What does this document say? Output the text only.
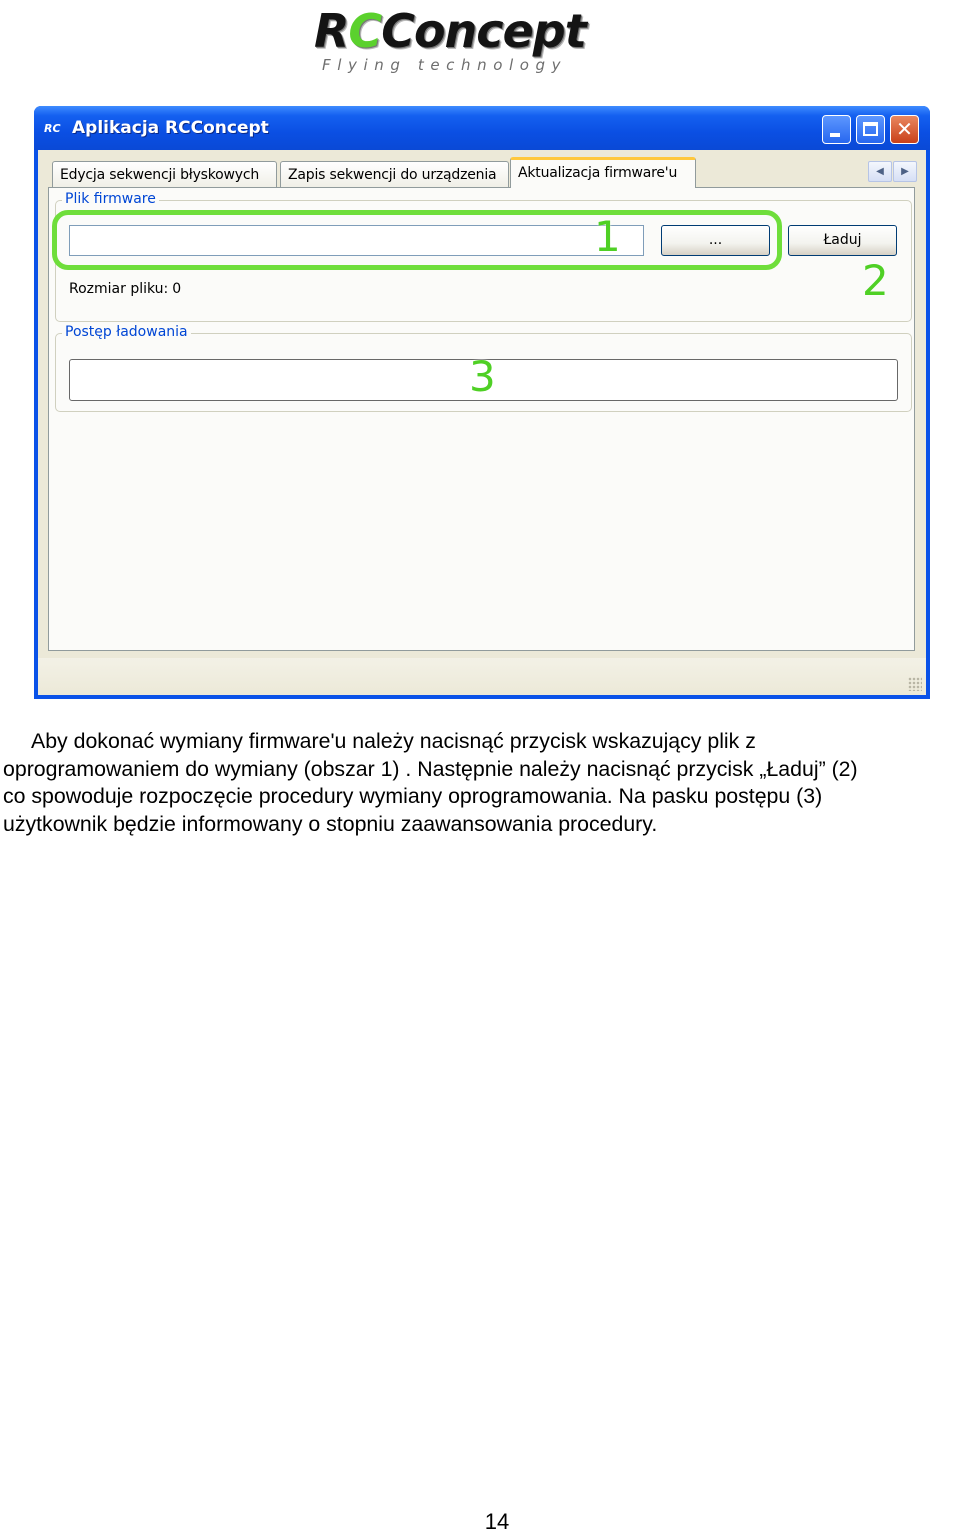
RCConcept
Flying technology
RC Aplikacja RCConcept	✕
Edycja sekwencji błyskowych	Zapis sekwencji do urządzenia	Aktualizacja firmware'u	◀	▶
Plik firmware
...	Ładuj
Rozmiar pliku: 0
Postęp ładowania
1
2
3
Aby dokonać wymiany firmware'u należy nacisnąć przycisk wskazujący plik z
oprogramowaniem do wymiany (obszar 1) . Następnie należy nacisnąć przycisk „Ładuj” (2)
co spowoduje rozpoczęcie procedury wymiany oprogramowania. Na pasku postępu (3)
użytkownik będzie informowany o stopniu zaawansowania procedury.
14
